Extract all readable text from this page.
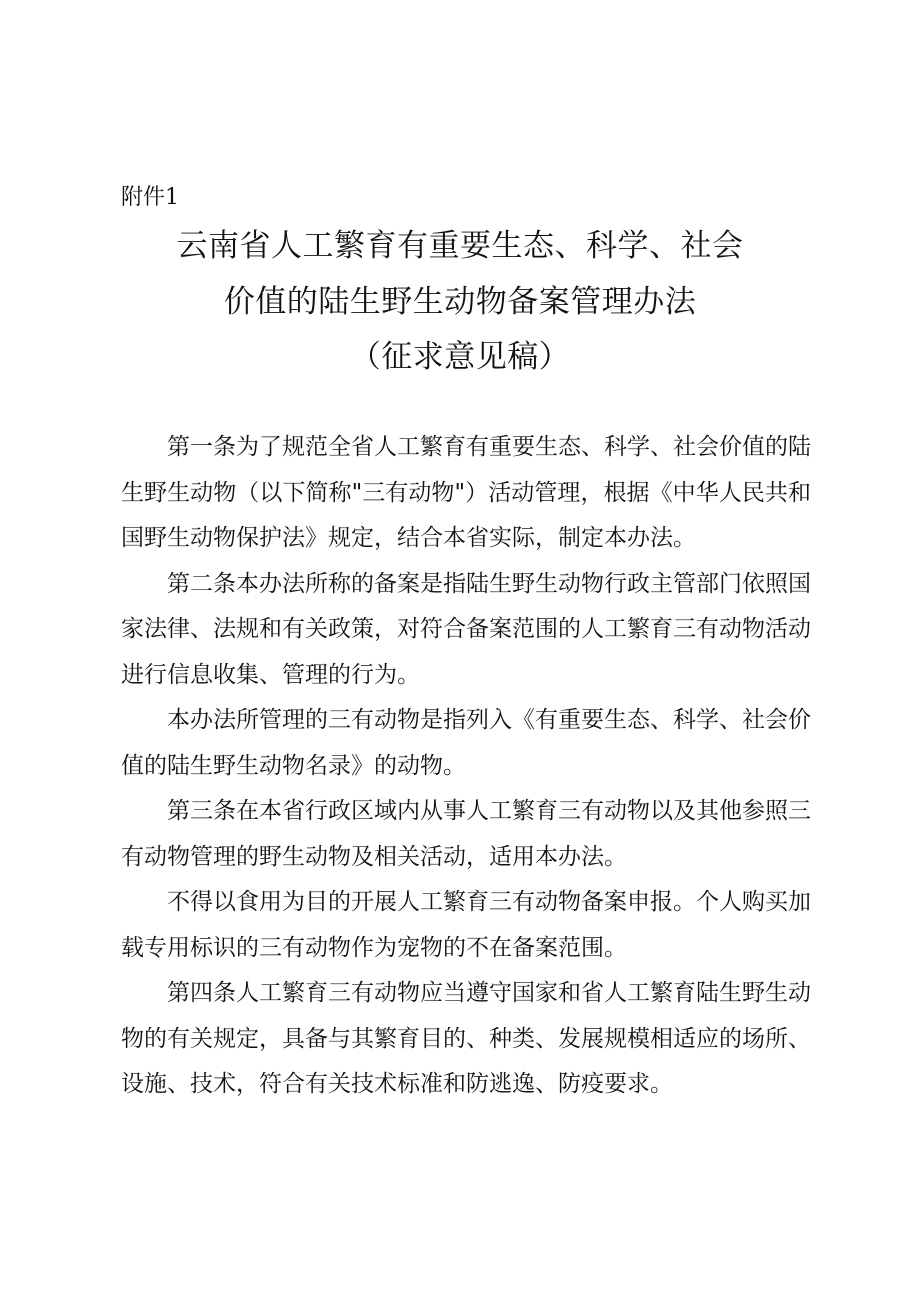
附件1
云南省人工繁育有重要生态、科学、社会
价值的陆生野生动物备案管理办法
（征求意见稿）

第一条为了规范全省人工繁育有重要生态、科学、社会价值的陆生野生动物（以下简称"三有动物"）活动管理，根据《中华人民共和国野生动物保护法》规定，结合本省实际，制定本办法。

第二条本办法所称的备案是指陆生野生动物行政主管部门依照国家法律、法规和有关政策，对符合备案范围的人工繁育三有动物活动进行信息收集、管理的行为。

本办法所管理的三有动物是指列入《有重要生态、科学、社会价值的陆生野生动物名录》的动物。

第三条在本省行政区域内从事人工繁育三有动物以及其他参照三有动物管理的野生动物及相关活动，适用本办法。

不得以食用为目的开展人工繁育三有动物备案申报。个人购买加载专用标识的三有动物作为宠物的不在备案范围。

第四条人工繁育三有动物应当遵守国家和省人工繁育陆生野生动物的有关规定，具备与其繁育目的、种类、发展规模相适应的场所、设施、技术，符合有关技术标准和防逃逸、防疫要求。
